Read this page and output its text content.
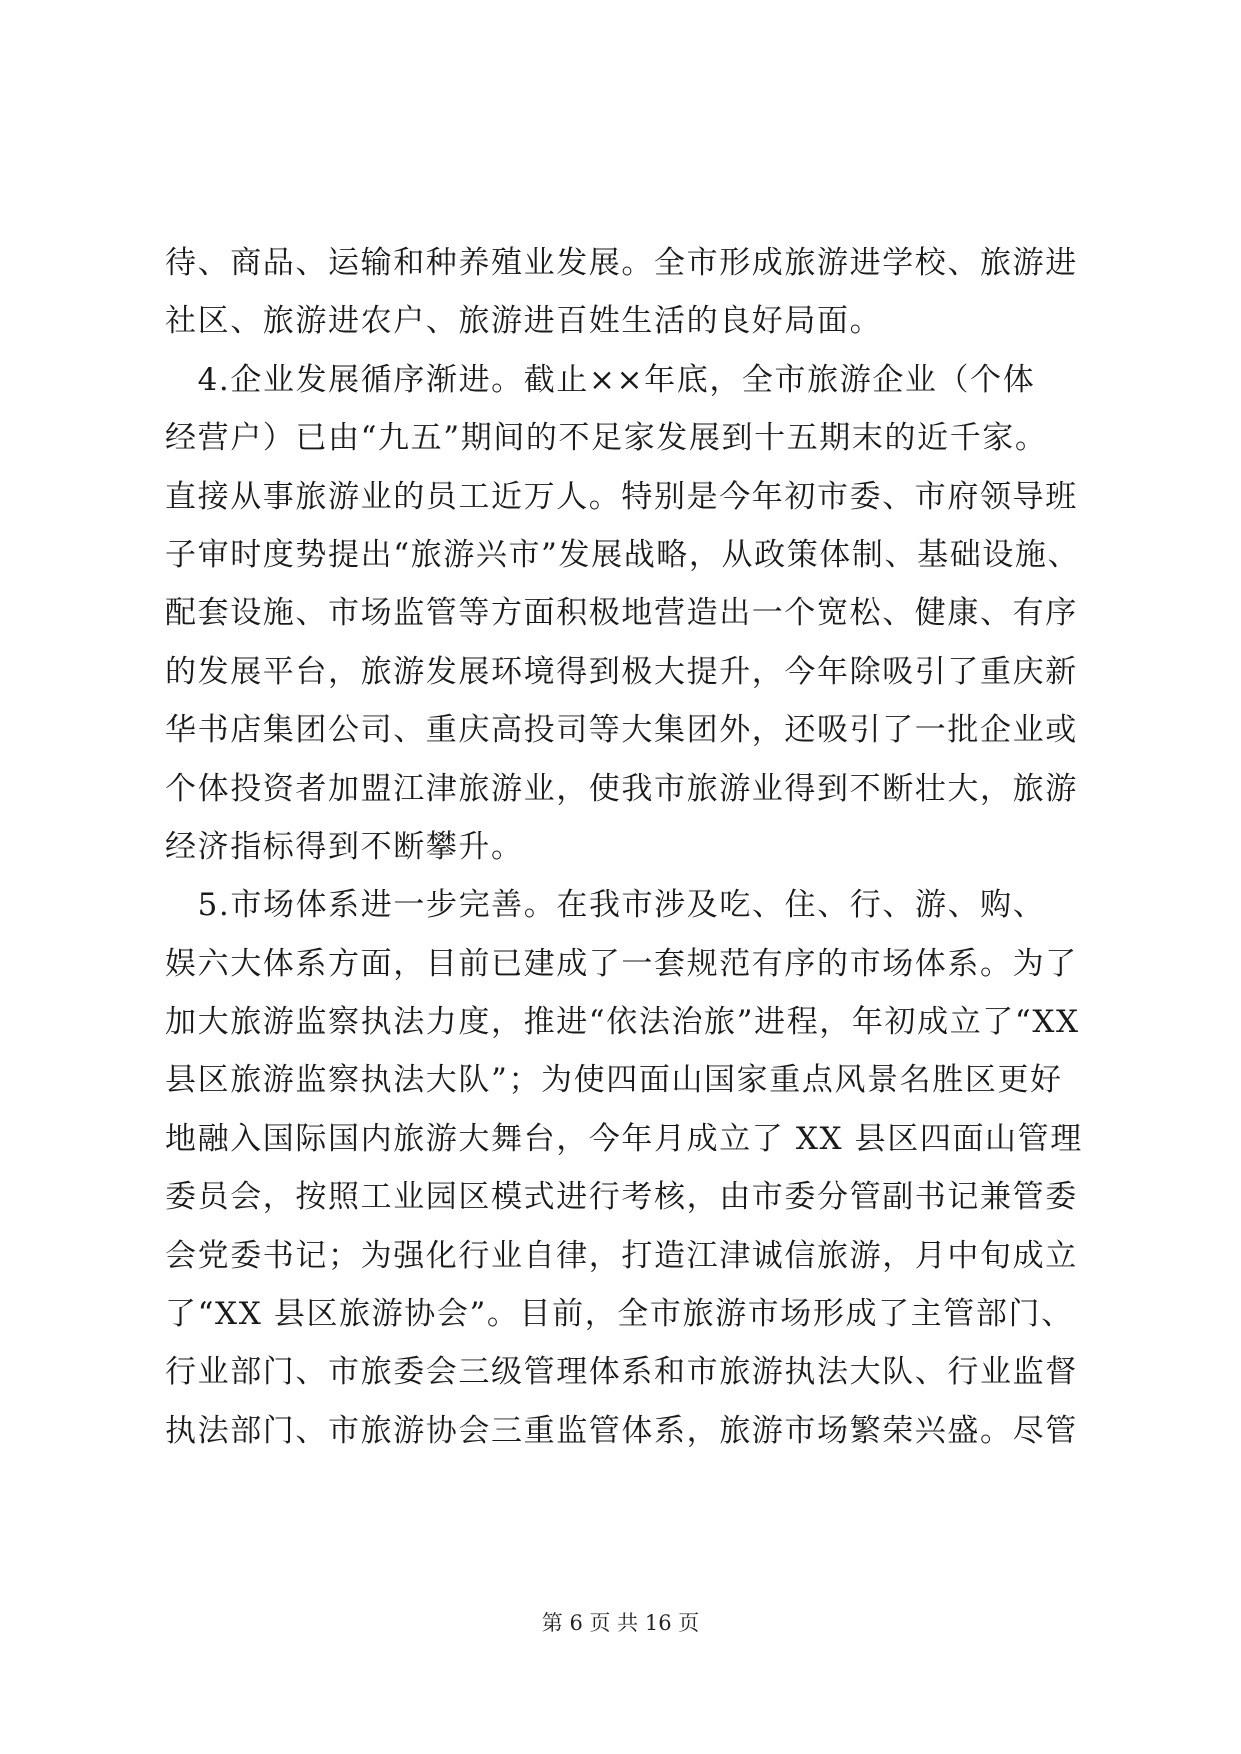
待、商品、运输和种养殖业发展。全市形成旅游进学校、旅游进
社区、旅游进农户、旅游进百姓生活的良好局面。
　4.企业发展循序渐进。截止××年底，全市旅游企业（个体
经营户）已由“九五”期间的不足家发展到十五期末的近千家。
直接从事旅游业的员工近万人。特别是今年初市委、市府领导班
子审时度势提出“旅游兴市”发展战略，从政策体制、基础设施、
配套设施、市场监管等方面积极地营造出一个宽松、健康、有序
的发展平台，旅游发展环境得到极大提升，今年除吸引了重庆新
华书店集团公司、重庆高投司等大集团外，还吸引了一批企业或
个体投资者加盟江津旅游业，使我市旅游业得到不断壮大，旅游
经济指标得到不断攀升。
　5.市场体系进一步完善。在我市涉及吃、住、行、游、购、
娱六大体系方面，目前已建成了一套规范有序的市场体系。为了
加大旅游监察执法力度，推进“依法治旅”进程，年初成立了“XX
县区旅游监察执法大队”；为使四面山国家重点风景名胜区更好
地融入国际国内旅游大舞台，今年月成立了 XX 县区四面山管理
委员会，按照工业园区模式进行考核，由市委分管副书记兼管委
会党委书记；为强化行业自律，打造江津诚信旅游，月中旬成立
了“XX 县区旅游协会”。目前，全市旅游市场形成了主管部门、
行业部门、市旅委会三级管理体系和市旅游执法大队、行业监督
执法部门、市旅游协会三重监管体系，旅游市场繁荣兴盛。尽管
第 6 页 共 16 页
